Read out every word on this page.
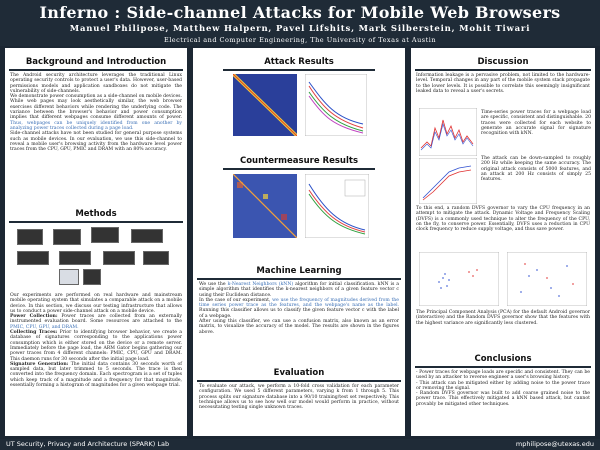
Inferno : Side-channel Attacks for Mobile Web Browsers
Manuel Philipose, Matthew Halpern, Pavel Lifshits, Mark Silberstein, Mohit Tiwari
Electrical and Computer Engineering, The University of Texas at Austin
Background and Introduction
The Android security architecture leverages the traditional Linux operating security controls to protect a user's data. However, user-based permissions models and application sandboxes do not mitigate the vulnerability of side-channels.
We demonstrate power consumption as a side-channel on mobile devices. While web pages may look aesthetically similar, the web browser exercises different behaviors while rendering the underlying code. The variance between the browser's behavior and power consumption implies that different webpages consume different amounts of power. Thus, webpages can be uniquely identified from one another by analyzing power traces collected during a page load.
Side-channel attacks have not been studied for general purpose systems such as mobile devices. In our evaluation, we use this side-channel to reveal a mobile user's browsing activity from the hardware level power traces from the CPU, GPU, PMIC and DRAM with an 80% accuracy.
Methods
Our experiments are performed on real hardware and mainstream mobile operating system that simulates a comparable attack on a mobile device. In this section, we discuss our testing infrastructure that allows us to conduct a power side-channel attack on a mobile device.
Power Collection: Power traces are collected from an externally instrumented evaluation board. Some resources are attached to the PMIC, CPU, GPU, and DRAM.
Collecting Traces: Prior to identifying browser behavior, we create a database of signatures corresponding to the applications power consumption which is either stored on the device or a remote server. Immediately before the page load, the ARM Gator begins gathering our power traces from 4 different channels: PMIC, CPU, GPU and DRAM. This daemon runs for 30 seconds after the initial page load.
Signature Generation: The initial data contains 30 seconds worth of sampled data, but later trimmed to 5 seconds. The trace is then converted into the frequency domain. Each spectrogram is a set of tuples which keep track of a magnitude and a frequency for that magnitude, essentially forming a histogram of magnitudes for a given webpage trial.
Attack Results
Countermeasure Results
Machine Learning
We use the k-Nearest Neighbors (kNN) algorithm for initial classification. kNN is a simple algorithm that identifies the k-nearest neighbors of a given feature vector c using their Euclidean distance.
In the case of our experiment, we use the frequency of magnitudes derived from the time series power trace as the features, and the webpage's name as the label. Running this classifier allows us to classify the given feature vector c with the label of a webpage.
After using this classifier, we can use a confusion matrix, also known as an error matrix, to visualize the accuracy of the model. The results are shown in the figures above.
Evaluation
To evaluate our attack, we perform a 10-fold cross validation for each parameter configuration. We used 5 different parameters, varying k from 1 through 5. This process splits our signature database into a 90/10 training/test set respectively. This technique allows us to see how well our model would perform in practice, without necessitating testing single unknown traces.
Discussion
Information leakage is a pervasive problem, not limited to the hardware-level. Temporal changes in any part of the mobile system stack propagate to the lower levels. It is possible to correlate this seemingly insignificant leaked data to reveal a user's secrets.
Time-series power traces for a webpage load are specific, consistent and distinguishable. 20 traces were collected for each website to generate an accurate signal for signature recognition with kNN.
The attack can be down-sampled to roughly 200 Hz while keeping the same accuracy. The original attack consists of 5000 features, and an attack at 200 Hz consists of simply 25 features.
To this end, a random DVFS governor to vary the CPU frequency in an attempt to mitigate the attack. Dynamic Voltage and Frequency Scaling (DVFS) is a commonly used technique to alter the frequency of the CPU, on the fly, to conserve power. Essentially, DVFS uses a reduction in CPU clock frequency to reduce supply voltage, and thus save power.
The Principal Component Analysis (PCA) for the default Android governor (interactive) and the Random DVFS governor show that the features with the highest variance are significantly less clustered.
Conclusions
- Power traces for webpage loads are specific and consistent. They can be used by an attacker to reverse engineer a user's browsing history.
- This attack can be mitigated either by adding noise to the power trace or removing the signal.
- Random DVFS governor was built to add coarse grained noise to the power trace. This effectively mitigated a kNN based attack, but cannot provably be mitigated other techniques.
UT Security, Privacy and Architecture (SPARK) Lab	mphilipose@utexas.edu
